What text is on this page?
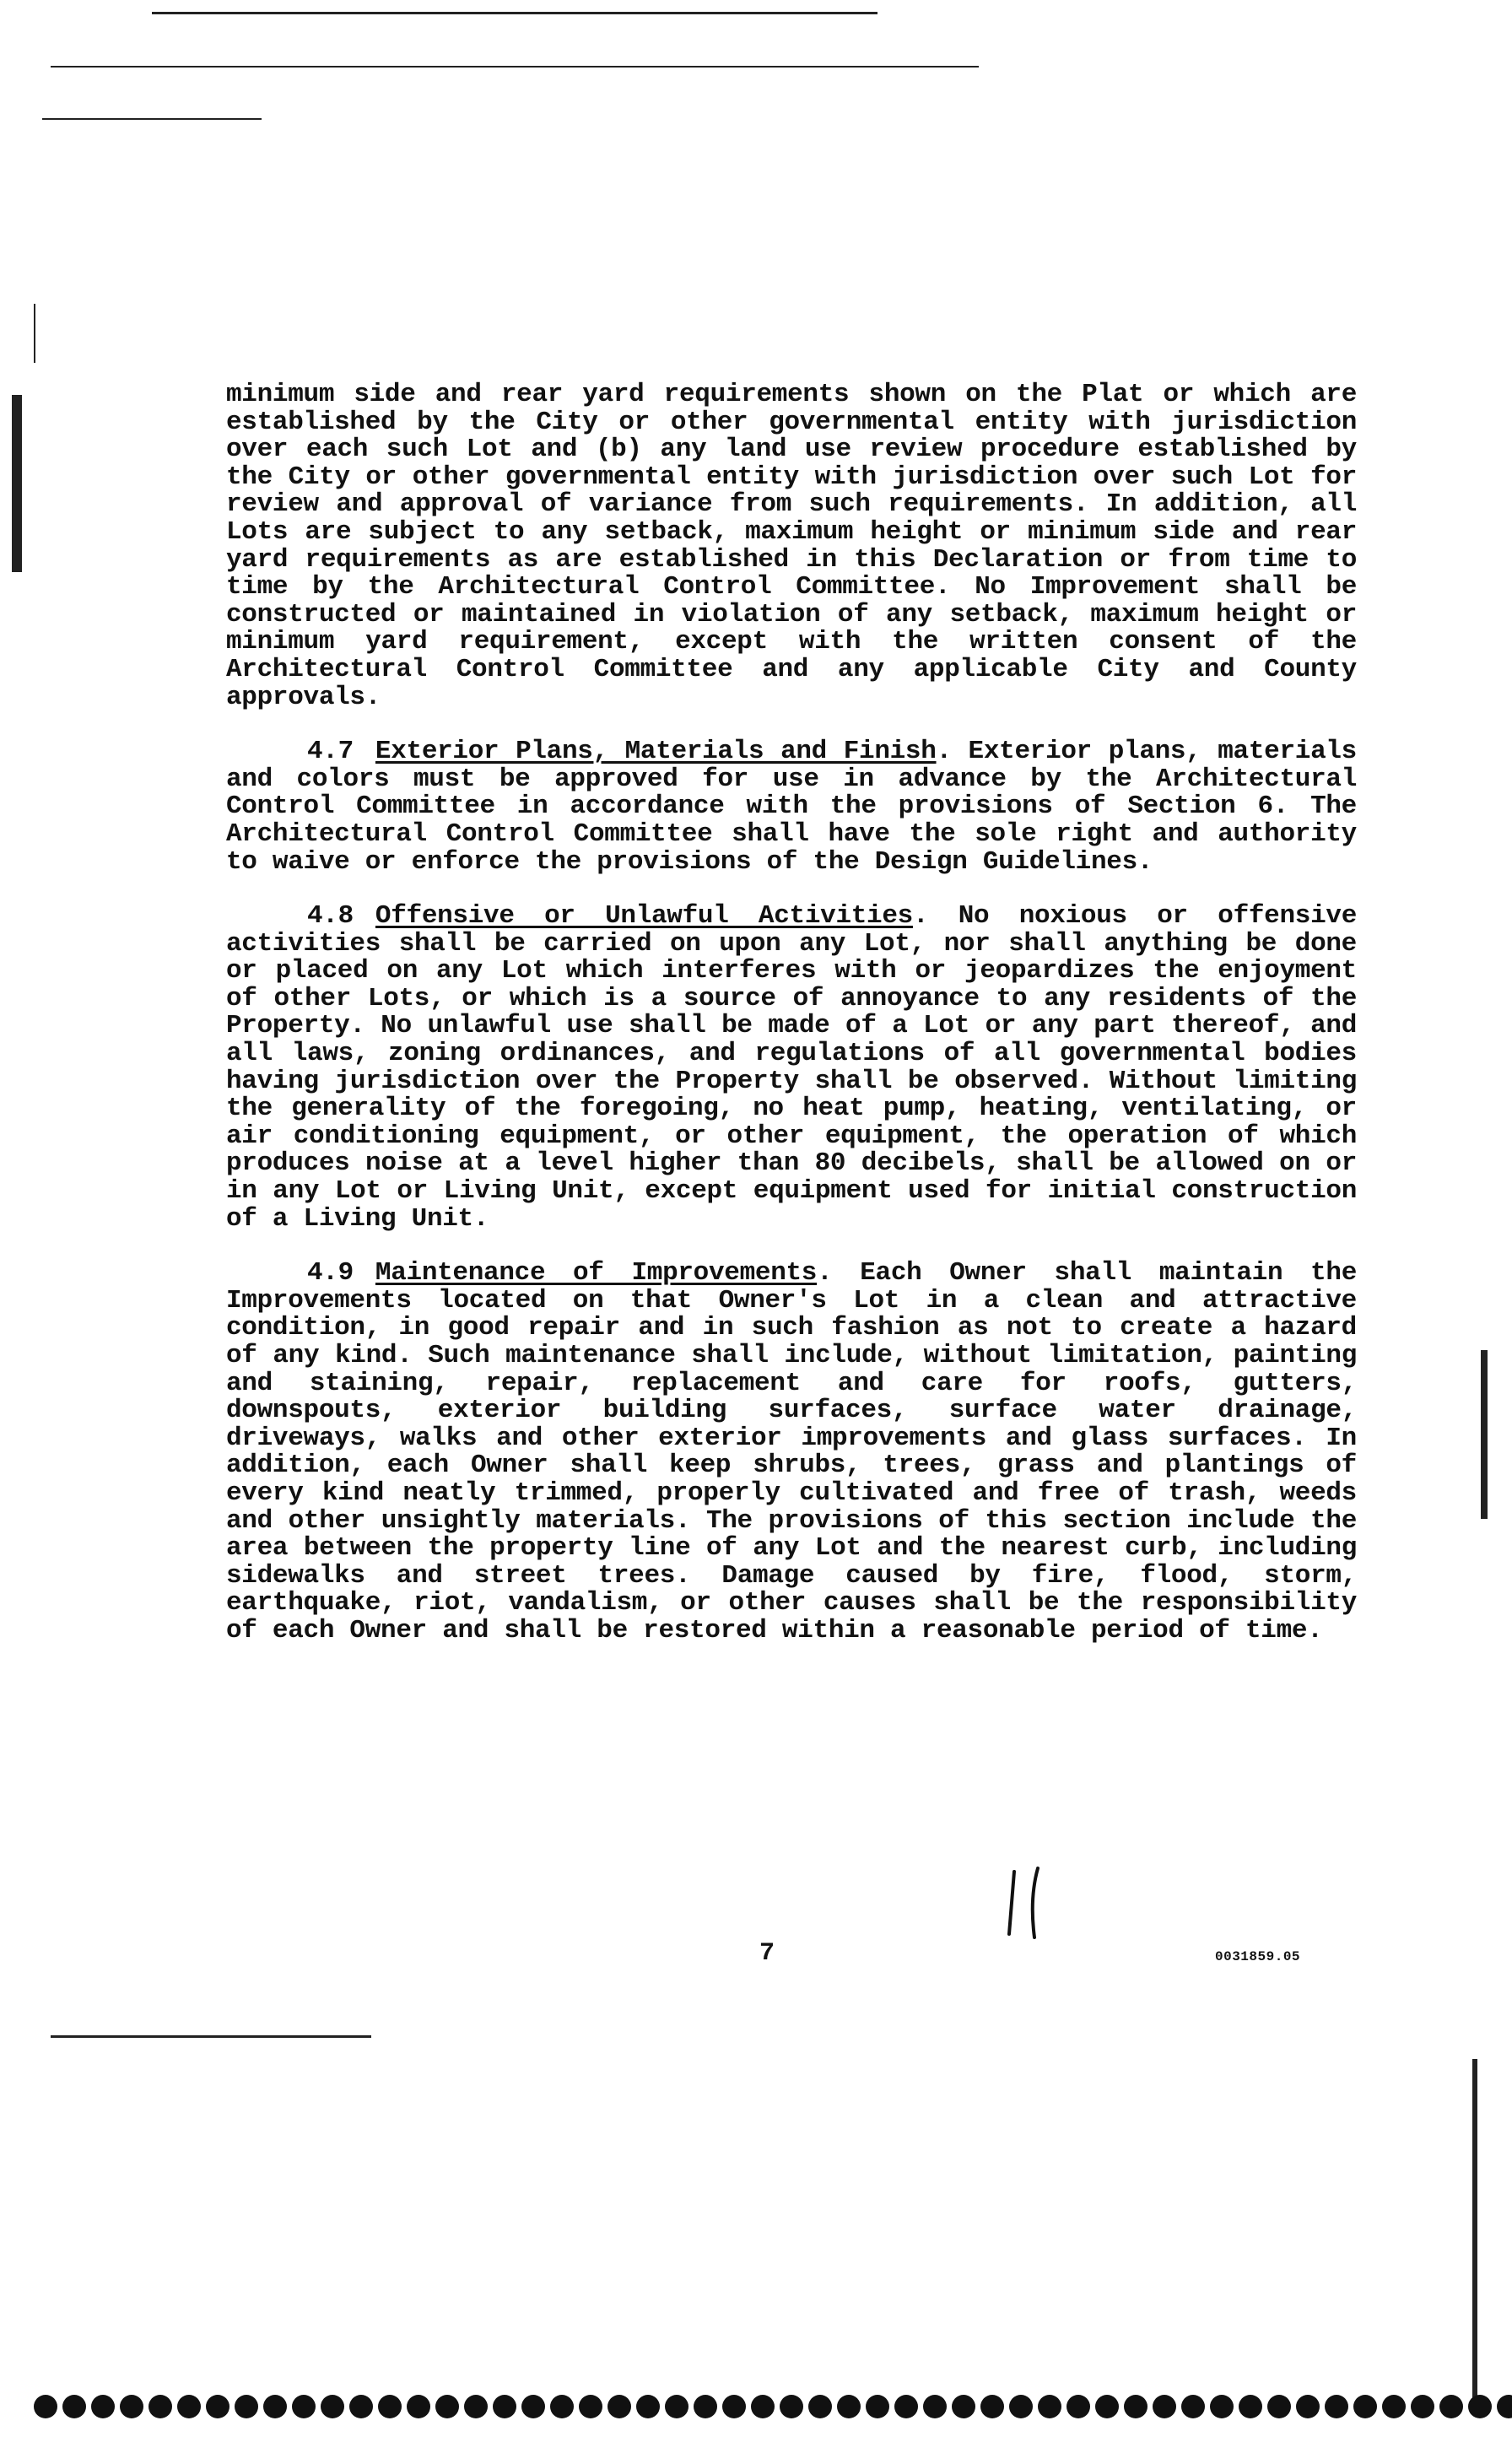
minimum side and rear yard requirements shown on the Plat or which are established by the City or other governmental entity with jurisdiction over each such Lot and (b) any land use review procedure established by the City or other governmental entity with jurisdiction over such Lot for review and approval of variance from such requirements. In addition, all Lots are subject to any setback, maximum height or minimum side and rear yard requirements as are established in this Declaration or from time to time by the Architectural Control Committee. No Improvement shall be constructed or maintained in violation of any setback, maximum height or minimum yard requirement, except with the written consent of the Architectural Control Committee and any applicable City and County approvals.

4.7 Exterior Plans, Materials and Finish. Exterior plans, materials and colors must be approved for use in advance by the Architectural Control Committee in accordance with the provisions of Section 6. The Architectural Control Committee shall have the sole right and authority to waive or enforce the provisions of the Design Guidelines.

4.8 Offensive or Unlawful Activities. No noxious or offensive activities shall be carried on upon any Lot, nor shall anything be done or placed on any Lot which interferes with or jeopardizes the enjoyment of other Lots, or which is a source of annoyance to any residents of the Property. No unlawful use shall be made of a Lot or any part thereof, and all laws, zoning ordinances, and regulations of all governmental bodies having jurisdiction over the Property shall be observed. Without limiting the generality of the foregoing, no heat pump, heating, ventilating, or air conditioning equipment, or other equipment, the operation of which produces noise at a level higher than 80 decibels, shall be allowed on or in any Lot or Living Unit, except equipment used for initial construction of a Living Unit.

4.9 Maintenance of Improvements. Each Owner shall maintain the Improvements located on that Owner's Lot in a clean and attractive condition, in good repair and in such fashion as not to create a hazard of any kind. Such maintenance shall include, without limitation, painting and staining, repair, replacement and care for roofs, gutters, downspouts, exterior building surfaces, surface water drainage, driveways, walks and other exterior improvements and glass surfaces. In addition, each Owner shall keep shrubs, trees, grass and plantings of every kind neatly trimmed, properly cultivated and free of trash, weeds and other unsightly materials. The provisions of this section include the area between the property line of any Lot and the nearest curb, including sidewalks and street trees. Damage caused by fire, flood, storm, earthquake, riot, vandalism, or other causes shall be the responsibility of each Owner and shall be restored within a reasonable period of time.

7	0031859.05
